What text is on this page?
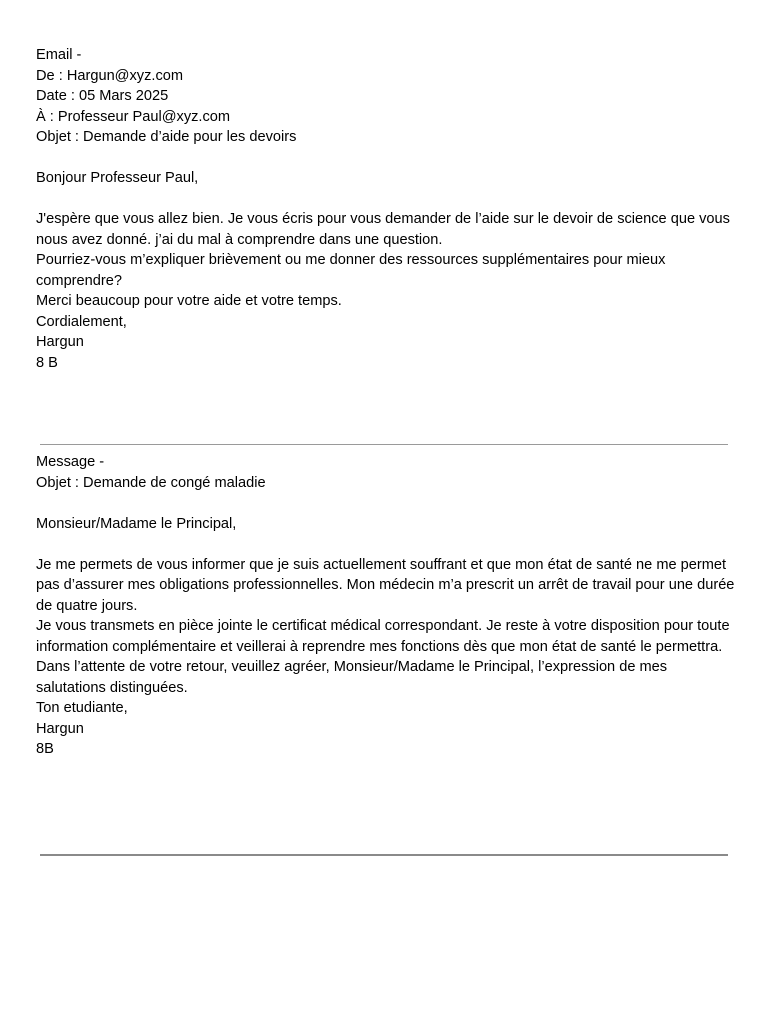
Email -

De : Hargun@xyz.com

Date : 05 Mars 2025

À : Professeur Paul@xyz.com

Objet : Demande d’aide pour les devoirs

Bonjour Professeur Paul,

J'espère que vous allez bien. Je vous écris pour vous demander de l’aide sur le devoir de science que vous nous avez donné. j’ai du mal à comprendre dans une question.

Pourriez-vous m’expliquer brièvement ou me donner des ressources supplémentaires pour mieux comprendre?

Merci beaucoup pour votre aide et votre temps.

Cordialement,

Hargun

8 B

Message -

Objet : Demande de congé maladie

Monsieur/Madame le Principal,

Je me permets de vous informer que je suis actuellement souffrant et que mon état de santé ne me permet pas d’assurer mes obligations professionnelles. Mon médecin m’a prescrit un arrêt de travail pour une durée de quatre jours.

Je vous transmets en pièce jointe le certificat médical correspondant. Je reste à votre disposition pour toute information complémentaire et veillerai à reprendre mes fonctions dès que mon état de santé le permettra.

Dans l’attente de votre retour, veuillez agréer, Monsieur/Madame le Principal, l’expression de mes salutations distinguées.

Ton etudiante,

Hargun

8B
